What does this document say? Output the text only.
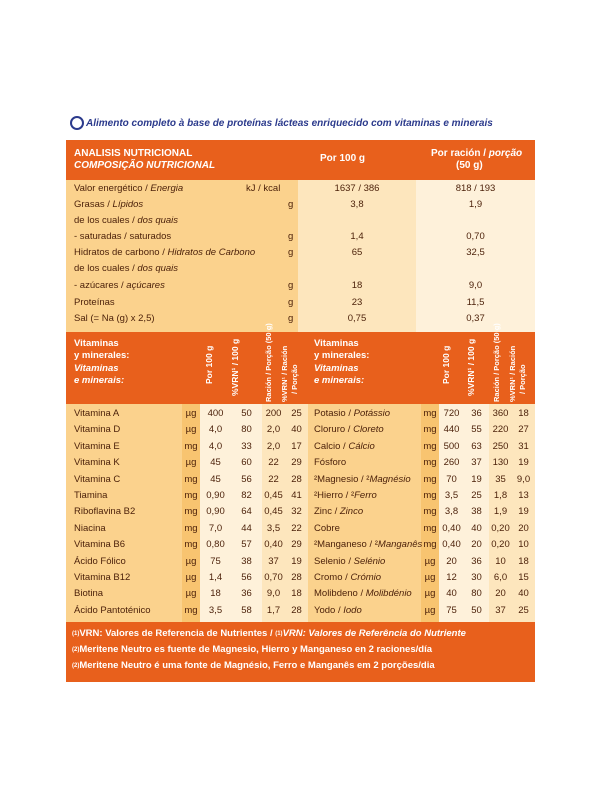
Alimento completo à base de proteínas lácteas enriquecido com vitaminas e minerais
ANALISIS NUTRICIONAL
COMPOSIÇÃO NUTRICIONAL
Por 100 g	Por ración / porção
(50 g)
Valor energético / Energia	kJ / kcal	1637 / 386	818 / 193
Grasas / Lípidos	g	3,8	1,9
de los cuales / dos quais
- saturadas / saturados	g	1,4	0,70
Hidratos de carbono / Hidratos de Carbono	g	65	32,5
de los cuales / dos quais
- azúcares / açúcares	g	18	9,0
Proteínas	g	23	11,5
Sal (= Na (g) x 2,5)	g	0,75	0,37
Vitaminas
y minerales:
Vitaminas
e minerais:
Vitaminas
y minerales:
Vitaminas
e minerais:
Por 100 g %VRN¹ / 100 g	Ración / Porção (50 g) %VRN¹ / Ración / Porção	Por 100 g %VRN¹ / 100 g Ración / Porção (50 g) %VRN¹ / Ración / Porção
Vitamina A	µg	400	50	200	25
Vitamina D	µg	4,0	80	2,0	40
Vitamina E	mg	4,0	33	2,0	17
Vitamina K	µg	45	60	22	29
Vitamina C	mg	45	56	22	28
Tiamina	mg 0,90	82	0,45 41
Riboflavina B2	mg 0,90	64	0,45 32
Niacina	mg	7,0	44	3,5	22
Vitamina B6	mg 0,80	57	0,40 29
Ácido Fólico	µg	75	38	37	19
Vitamina B12	µg	1,4	56	0,70 28
Biotina	µg	18	36	9,0	18
Ácido Pantoténico	mg	3,5	58	1,7	28
Potasio / Potássio	mg 720	36	360	18
Cloruro / Cloreto	mg 440	55	220	27
Calcio / Cálcio	mg 500	63	250	31
Fósforo	mg 260	37	130	19
²Magnesio / ²Magnésio mg	70	19	35	9,0
²Hierro / ²Ferro	mg 3,5	25	1,8	13
Zinc / Zinco	mg 3,8	38	1,9	19
Cobre	mg 0,40	40 0,20 20
²Manganeso / ²Manganês mg 0,40	20 0,20 10
Selenio / Selénio	µg	20	36	10	18
Cromo / Crómio	µg	12	30	6,0	15
Molibdeno / Molibdénio	µg	40	80	20	40
Yodo / Iodo	µg	75	50	37	25
$^{(1)}$VRN: Valores de Referencia de Nutrientes / $^{(1)}$VRN: Valores de Referência do Nutriente
$^{(2)}$Meritene Neutro es fuente de Magnesio, Hierro y Manganeso en 2 raciones/día
$^{(2)}$Meritene Neutro é uma fonte de Magnésio, Ferro e Manganês em 2 porções/dia
